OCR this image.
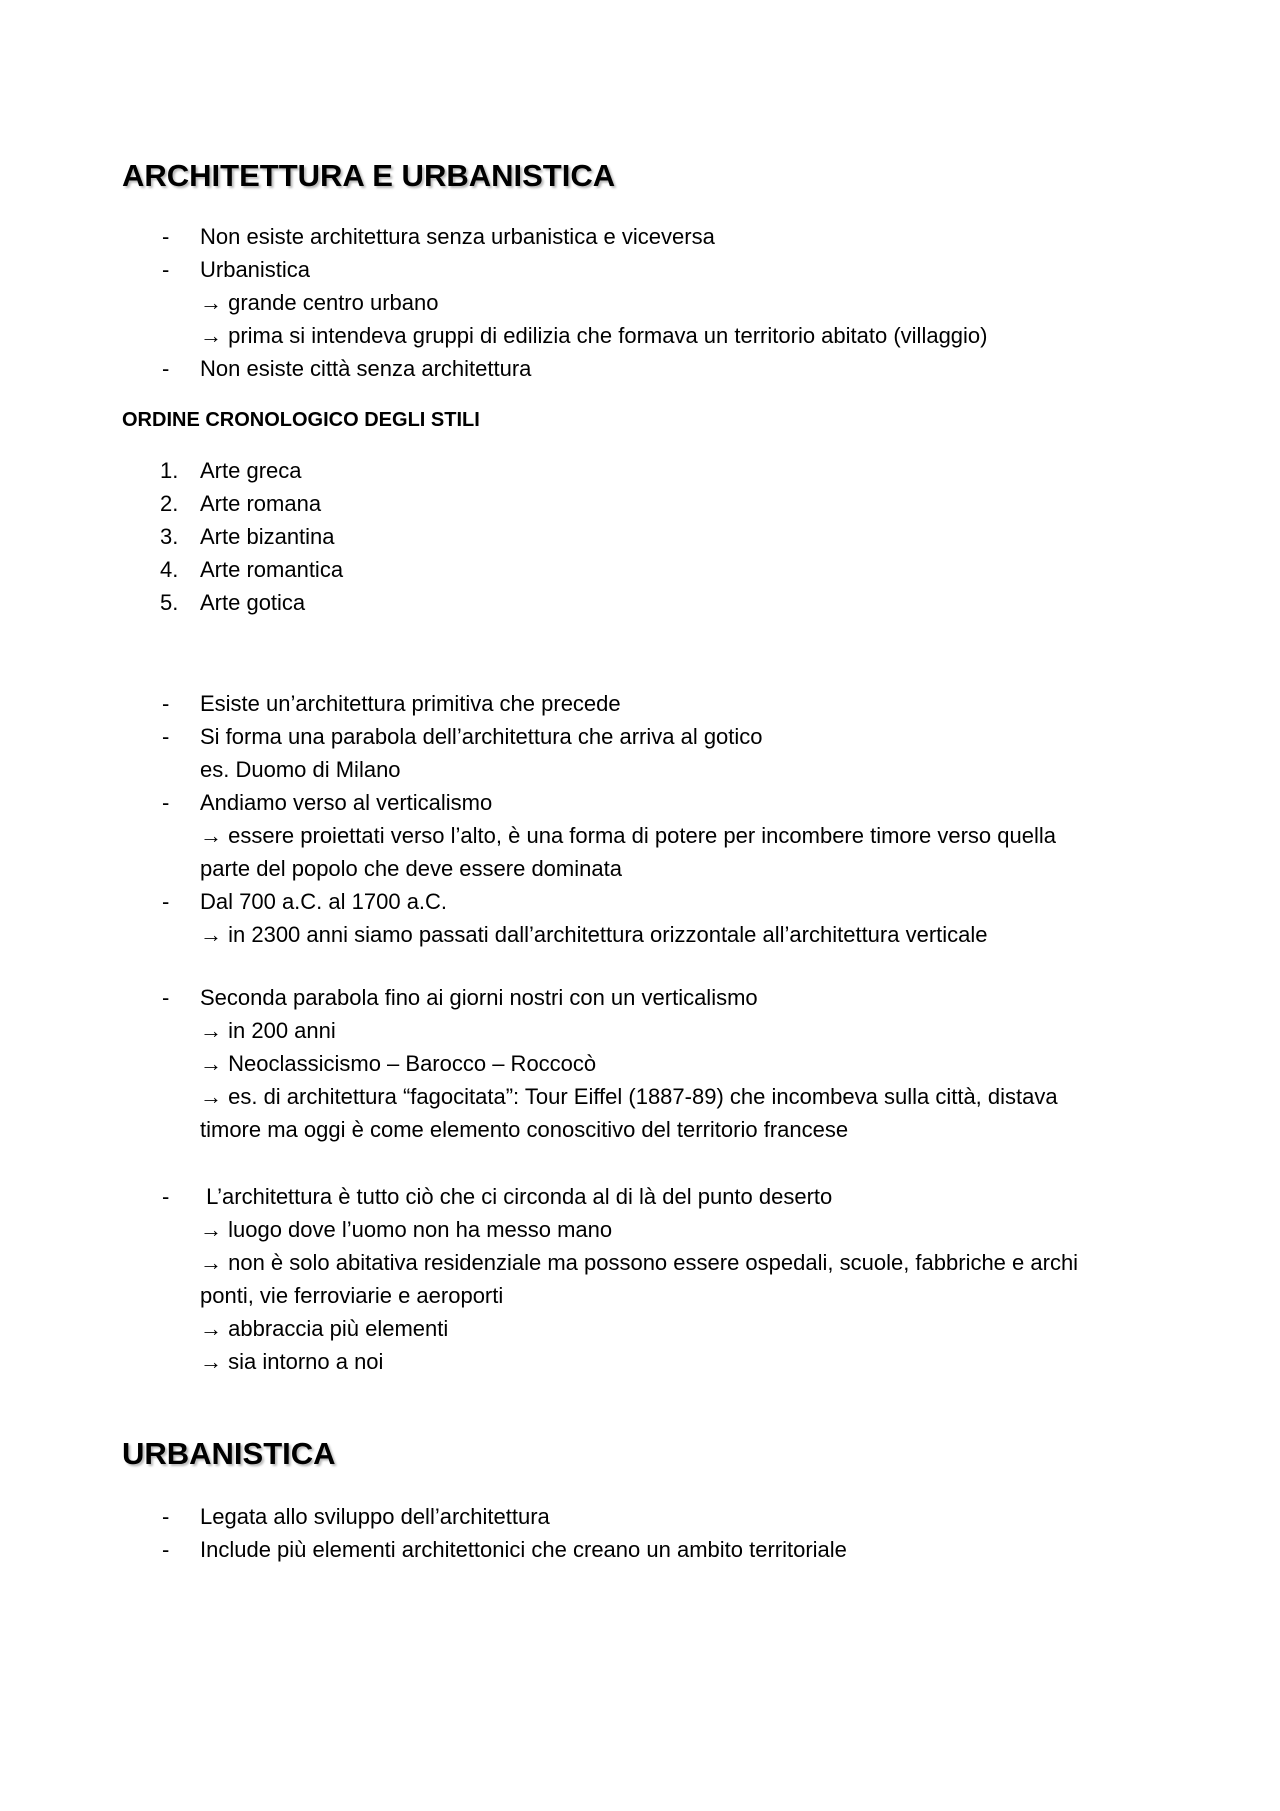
ARCHITETTURA E URBANISTICA
- Non esiste architettura senza urbanistica e viceversa
- Urbanistica
→ grande centro urbano
→ prima si intendeva gruppi di edilizia che formava un territorio abitato (villaggio)
- Non esiste città senza architettura
ORDINE CRONOLOGICO DEGLI STILI
1. Arte greca
2. Arte romana
3. Arte bizantina
4. Arte romantica
5. Arte gotica
- Esiste un’architettura primitiva che precede
- Si forma una parabola dell’architettura che arriva al gotico
es. Duomo di Milano
- Andiamo verso al verticalismo
→ essere proiettati verso l’alto, è una forma di potere per incombere timore verso quella
parte del popolo che deve essere dominata
- Dal 700 a.C. al 1700 a.C.
→ in 2300 anni siamo passati dall’architettura orizzontale all’architettura verticale
- Seconda parabola fino ai giorni nostri con un verticalismo
→ in 200 anni
→ Neoclassicismo – Barocco – Roccocò
→ es. di architettura “fagocitata”: Tour Eiffel (1887-89) che incombeva sulla città, distava
timore ma oggi è come elemento conoscitivo del territorio francese
- L’architettura è tutto ciò che ci circonda al di là del punto deserto
→ luogo dove l’uomo non ha messo mano
→ non è solo abitativa residenziale ma possono essere ospedali, scuole, fabbriche e archi
ponti, vie ferroviarie e aeroporti
→ abbraccia più elementi
→ sia intorno a noi
URBANISTICA
- Legata allo sviluppo dell’architettura
- Include più elementi architettonici che creano un ambito territoriale
